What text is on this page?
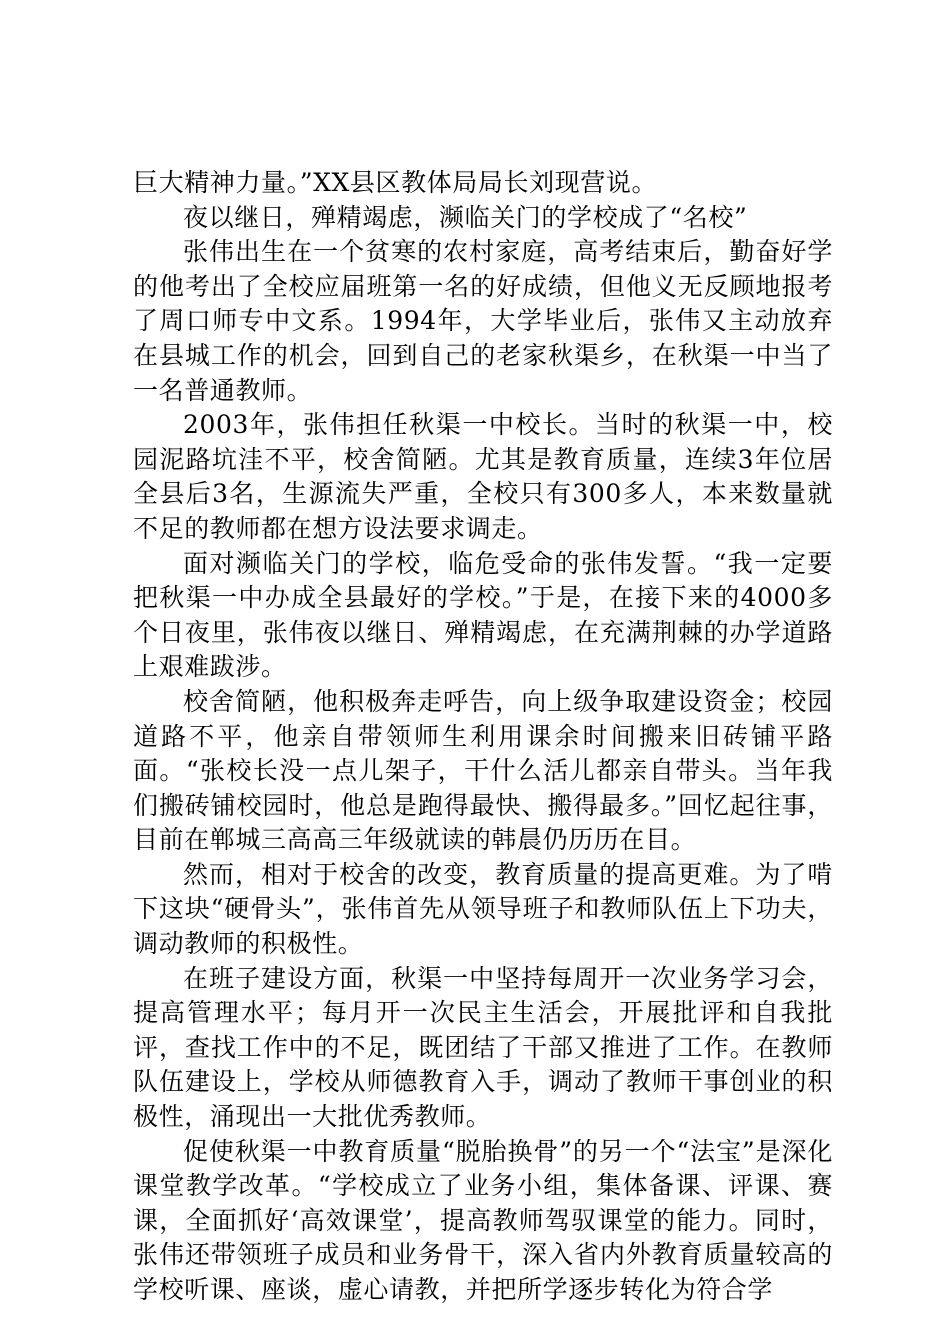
巨大精神力量。”XX县区教体局局长刘现营说。

夜以继日，殚精竭虑，濒临关门的学校成了“名校”

张伟出生在一个贫寒的农村家庭，高考结束后，勤奋好学的他考出了全校应届班第一名的好成绩，但他义无反顾地报考了周口师专中文系。1994年，大学毕业后，张伟又主动放弃在县城工作的机会，回到自己的老家秋渠乡，在秋渠一中当了一名普通教师。

2003年，张伟担任秋渠一中校长。当时的秋渠一中，校园泥路坑洼不平，校舍简陋。尤其是教育质量，连续3年位居全县后3名，生源流失严重，全校只有300多人，本来数量就不足的教师都在想方设法要求调走。

面对濒临关门的学校，临危受命的张伟发誓。“我一定要把秋渠一中办成全县最好的学校。”于是，在接下来的4000多个日夜里，张伟夜以继日、殚精竭虑，在充满荆棘的办学道路上艰难跋涉。

校舍简陋，他积极奔走呼告，向上级争取建设资金；校园道路不平，他亲自带领师生利用课余时间搬来旧砖铺平路面。“张校长没一点儿架子，干什么活儿都亲自带头。当年我们搬砖铺校园时，他总是跑得最快、搬得最多。”回忆起往事，目前在郸城三高高三年级就读的韩晨仍历历在目。

然而，相对于校舍的改变，教育质量的提高更难。为了啃下这块“硬骨头”，张伟首先从领导班子和教师队伍上下功夫，调动教师的积极性。

在班子建设方面，秋渠一中坚持每周开一次业务学习会，提高管理水平；每月开一次民主生活会，开展批评和自我批评，查找工作中的不足，既团结了干部又推进了工作。在教师队伍建设上，学校从师德教育入手，调动了教师干事创业的积极性，涌现出一大批优秀教师。

促使秋渠一中教育质量“脱胎换骨”的另一个“法宝”是深化课堂教学改革。“学校成立了业务小组，集体备课、评课、赛课，全面抓好‘高效课堂’，提高教师驾驭课堂的能力。同时，张伟还带领班子成员和业务骨干，深入省内外教育质量较高的学校听课、座谈，虚心请教，并把所学逐步转化为符合学
